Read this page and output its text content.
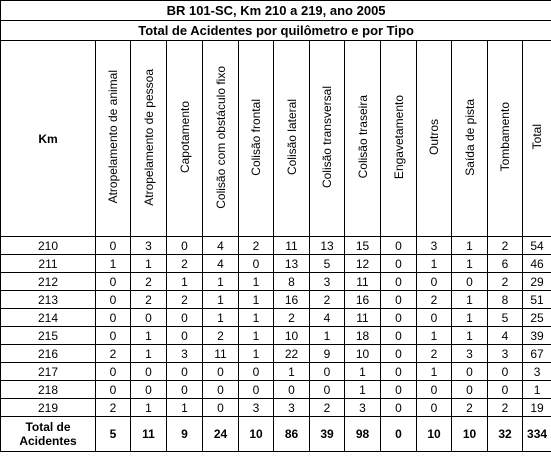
BR 101-SC, Km 210 a 219, ano 2005													
Total de Acidentes por quilômetro e por Tipo													
Km	Atropelamento de animal	Atropelamento de pessoa	Capotamento	Colisão com obstáculo fixo	Colisão frontal	Colisão lateral	Colisão transversal	Colisão traseira	Engavetamento	Outros	Saída de pista	Tombamento	Total
210	0	3	0	4	2	11	13	15	0	3	1	2	54
211	1	1	2	4	0	13	5	12	0	1	1	6	46
212	0	2	1	1	1	8	3	11	0	0	0	2	29
213	0	2	2	1	1	16	2	16	0	2	1	8	51
214	0	0	0	1	1	2	4	11	0	0	1	5	25
215	0	1	0	2	1	10	1	18	0	1	1	4	39
216	2	1	3	11	1	22	9	10	0	2	3	3	67
217	0	0	0	0	0	1	0	1	0	1	0	0	3
218	0	0	0	0	0	0	0	1	0	0	0	0	1
219	2	1	1	0	3	3	2	3	0	0	2	2	19
Total de Acidentes	5	11	9	24	10	86	39	98	0	10	10	32	334
